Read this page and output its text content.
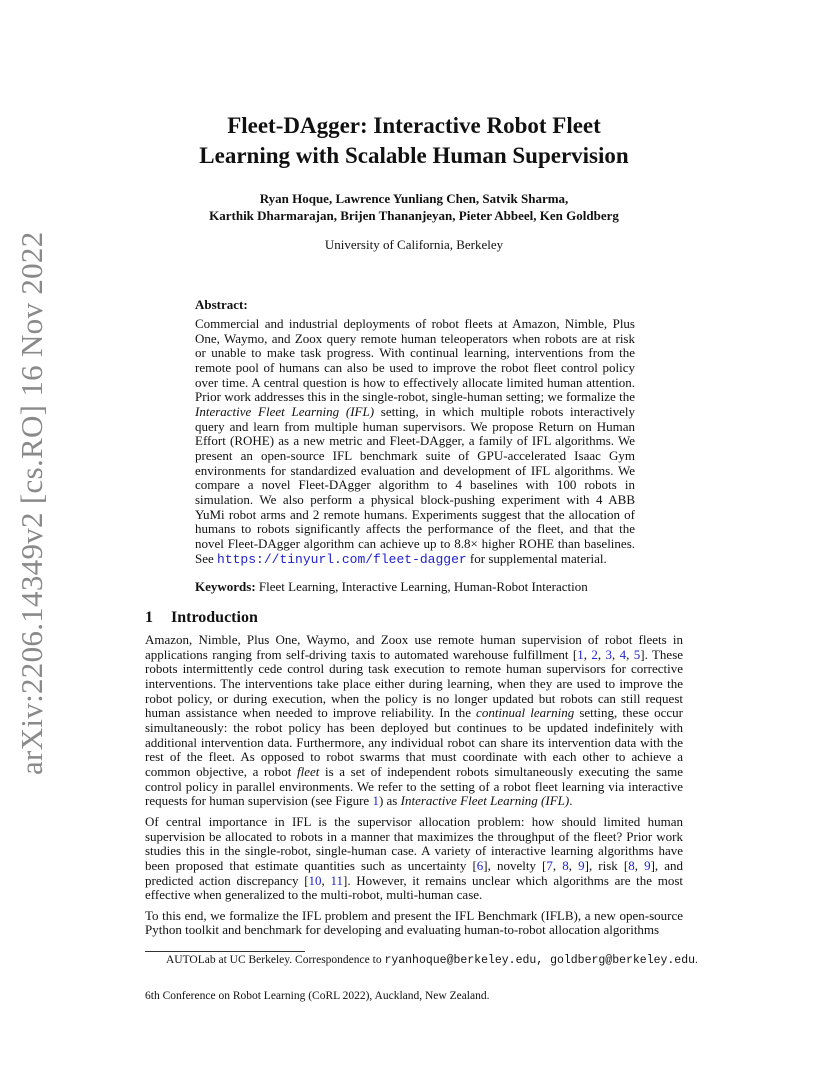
arXiv:2206.14349v2 [cs.RO] 16 Nov 2022
Fleet-DAgger: Interactive Robot Fleet
Learning with Scalable Human Supervision
Ryan Hoque, Lawrence Yunliang Chen, Satvik Sharma,
Karthik Dharmarajan, Brijen Thananjeyan, Pieter Abbeel, Ken Goldberg
University of California, Berkeley
Abstract:

Commercial and industrial deployments of robot fleets at Amazon, Nimble, Plus One, Waymo, and Zoox query remote human teleoperators when robots are at risk or unable to make task progress. With continual learning, interventions from the remote pool of humans can also be used to improve the robot fleet control policy over time. A central question is how to effectively allocate limited human attention. Prior work addresses this in the single-robot, single-human setting; we formalize the Interactive Fleet Learning (IFL) setting, in which multiple robots interactively query and learn from multiple human supervisors. We propose Return on Human Effort (ROHE) as a new metric and Fleet-DAgger, a family of IFL algorithms. We present an open-source IFL benchmark suite of GPU-accelerated Isaac Gym environments for standardized evaluation and development of IFL algorithms. We compare a novel Fleet-DAgger algorithm to 4 baselines with 100 robots in simulation. We also perform a physical block-pushing experiment with 4 ABB YuMi robot arms and 2 remote humans. Experiments suggest that the allocation of humans to robots significantly affects the performance of the fleet, and that the novel Fleet-DAgger algorithm can achieve up to 8.8× higher ROHE than baselines. See https://tinyurl.com/fleet-dagger for supplemental material.

Keywords: Fleet Learning, Interactive Learning, Human-Robot Interaction
1 Introduction

Amazon, Nimble, Plus One, Waymo, and Zoox use remote human supervision of robot fleets in applications ranging from self-driving taxis to automated warehouse fulfillment [1, 2, 3, 4, 5]. These robots intermittently cede control during task execution to remote human supervisors for corrective interventions. The interventions take place either during learning, when they are used to improve the robot policy, or during execution, when the policy is no longer updated but robots can still request human assistance when needed to improve reliability. In the continual learning setting, these occur simultaneously: the robot policy has been deployed but continues to be updated indefinitely with additional intervention data. Furthermore, any individual robot can share its intervention data with the rest of the fleet. As opposed to robot swarms that must coordinate with each other to achieve a common objective, a robot fleet is a set of independent robots simultaneously executing the same control policy in parallel environments. We refer to the setting of a robot fleet learning via interactive requests for human supervision (see Figure 1) as Interactive Fleet Learning (IFL).

Of central importance in IFL is the supervisor allocation problem: how should limited human supervision be allocated to robots in a manner that maximizes the throughput of the fleet? Prior work studies this in the single-robot, single-human case. A variety of interactive learning algorithms have been proposed that estimate quantities such as uncertainty [6], novelty [7, 8, 9], risk [8, 9], and predicted action discrepancy [10, 11]. However, it remains unclear which algorithms are the most effective when generalized to the multi-robot, multi-human case.

To this end, we formalize the IFL problem and present the IFL Benchmark (IFLB), a new open-source Python toolkit and benchmark for developing and evaluating human-to-robot allocation algorithms

AUTOLab at UC Berkeley. Correspondence to ryanhoque@berkeley.edu, goldberg@berkeley.edu.
6th Conference on Robot Learning (CoRL 2022), Auckland, New Zealand.
